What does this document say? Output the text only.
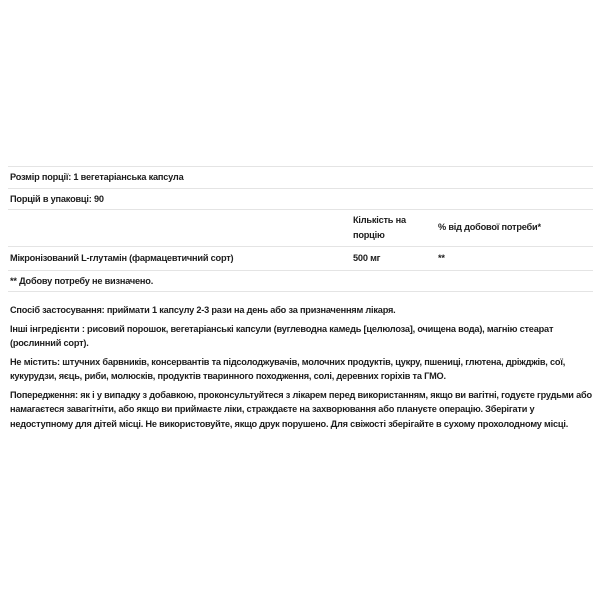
Розмір порції: 1 вегетаріанська капсула
Порцій в упаковці: 90
Кількість на порцію
% від добової потреби*
Мікронізований L-глутамін (фармацевтичний сорт)	500 мг	**
** Добову потребу не визначено.

Спосіб застосування: приймати 1 капсулу 2-3 рази на день або за призначенням лікаря.

Інші інгредієнти : рисовий порошок, вегетаріанські капсули (вуглеводна камедь [целюлоза], очищена вода), магнію стеарат (рослинний сорт).

Не містить: штучних барвників, консервантів та підсолоджувачів, молочних продуктів, цукру, пшениці, глютена, дріжджів, сої, кукурудзи, яєць, риби, молюсків, продуктів тваринного походження, солі, деревних горіхів та ГМО.

Попередження: як і у випадку з добавкою, проконсультуйтеся з лікарем перед використанням, якщо ви вагітні, годуєте грудьми або намагаєтеся завагітніти, або якщо ви приймаєте ліки, страждаєте на захворювання або плануєте операцію. Зберігати у недоступному для дітей місці. Не використовуйте, якщо друк порушено. Для свіжості зберігайте в сухому прохолодному місці.
